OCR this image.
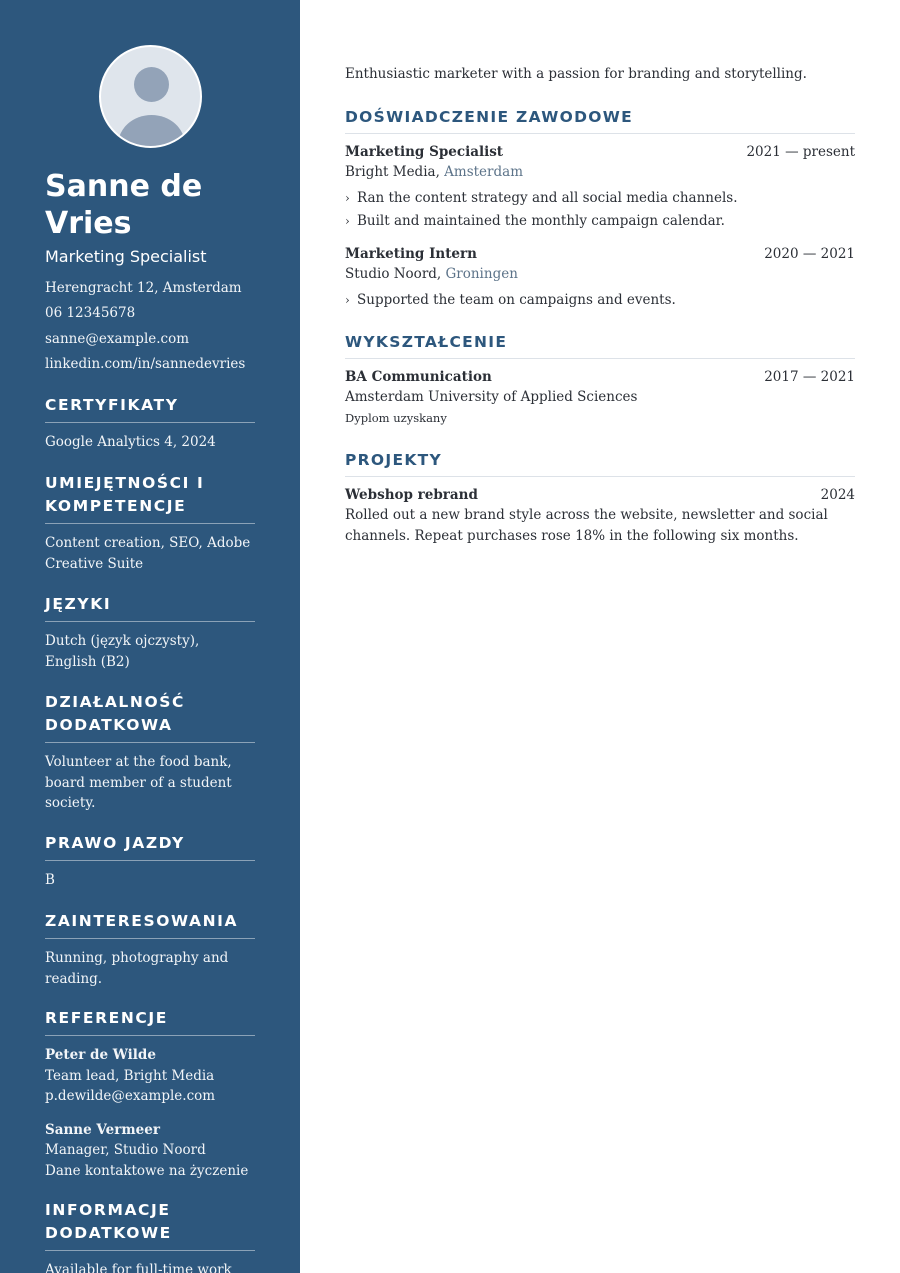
Sanne de Vries
Marketing Specialist
Herengracht 12, Amsterdam
06 12345678
sanne@example.com
linkedin.com/in/sannedevries
CERTYFIKATY

Google Analytics 4, 2024

UMIEJĘTNOŚCI I KOMPETENCJE

Content creation, SEO, Adobe Creative Suite

JĘZYKI

Dutch (język ojczysty), English (B2)

DZIAŁALNOŚĆ DODATKOWA

Volunteer at the food bank, board member of a student society.

PRAWO JAZDY

B

ZAINTERESOWANIA

Running, photography and reading.

REFERENCJE
Peter de Wilde
Team lead, Bright Media
p.dewilde@example.com
Sanne Vermeer
Manager, Studio Noord
Dane kontaktowe na życzenie
INFORMACJE DODATKOWE

Available for full-time work

Enthusiastic marketer with a passion for branding and storytelling.

DOŚWIADCZENIE ZAWODOWE
Marketing Specialist	2021 — present
Bright Media, Amsterdam
› Ran the content strategy and all social media channels.
› Built and maintained the monthly campaign calendar.
Marketing Intern	2020 — 2021
Studio Noord, Groningen
› Supported the team on campaigns and events.
WYKSZTAŁCENIE
BA Communication	2017 — 2021
Amsterdam University of Applied Sciences
Dyplom uzyskany
PROJEKTY
Webshop rebrand	2024

Rolled out a new brand style across the website, newsletter and social channels. Repeat purchases rose 18% in the following six months.
